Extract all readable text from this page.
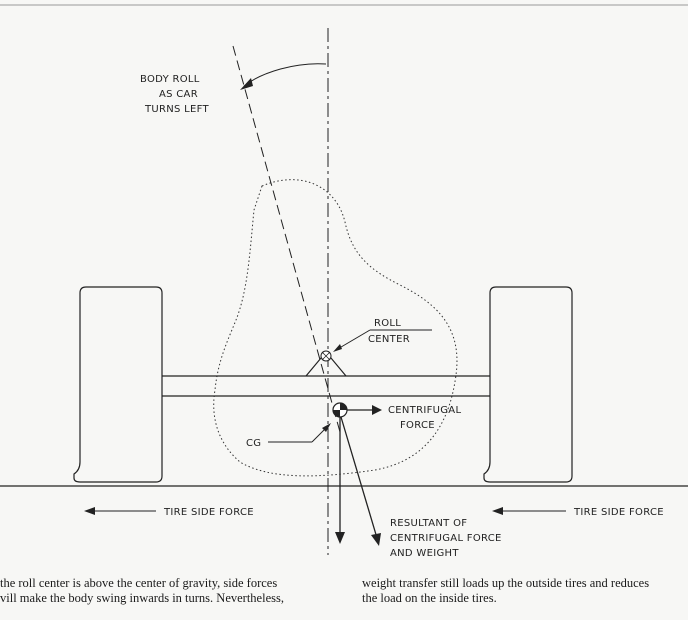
BODY ROLL
AS CAR
TURNS LEFT
ROLL
CENTER
CENTRIFUGAL
FORCE
CG
RESULTANT OF
CENTRIFUGAL FORCE
AND WEIGHT
TIRE SIDE FORCE	TIRE SIDE FORCE
the roll center is above the center of gravity, side forces
vill make the body swing inwards in turns. Nevertheless,
weight transfer still loads up the outside tires and reduces
the load on the inside tires.
